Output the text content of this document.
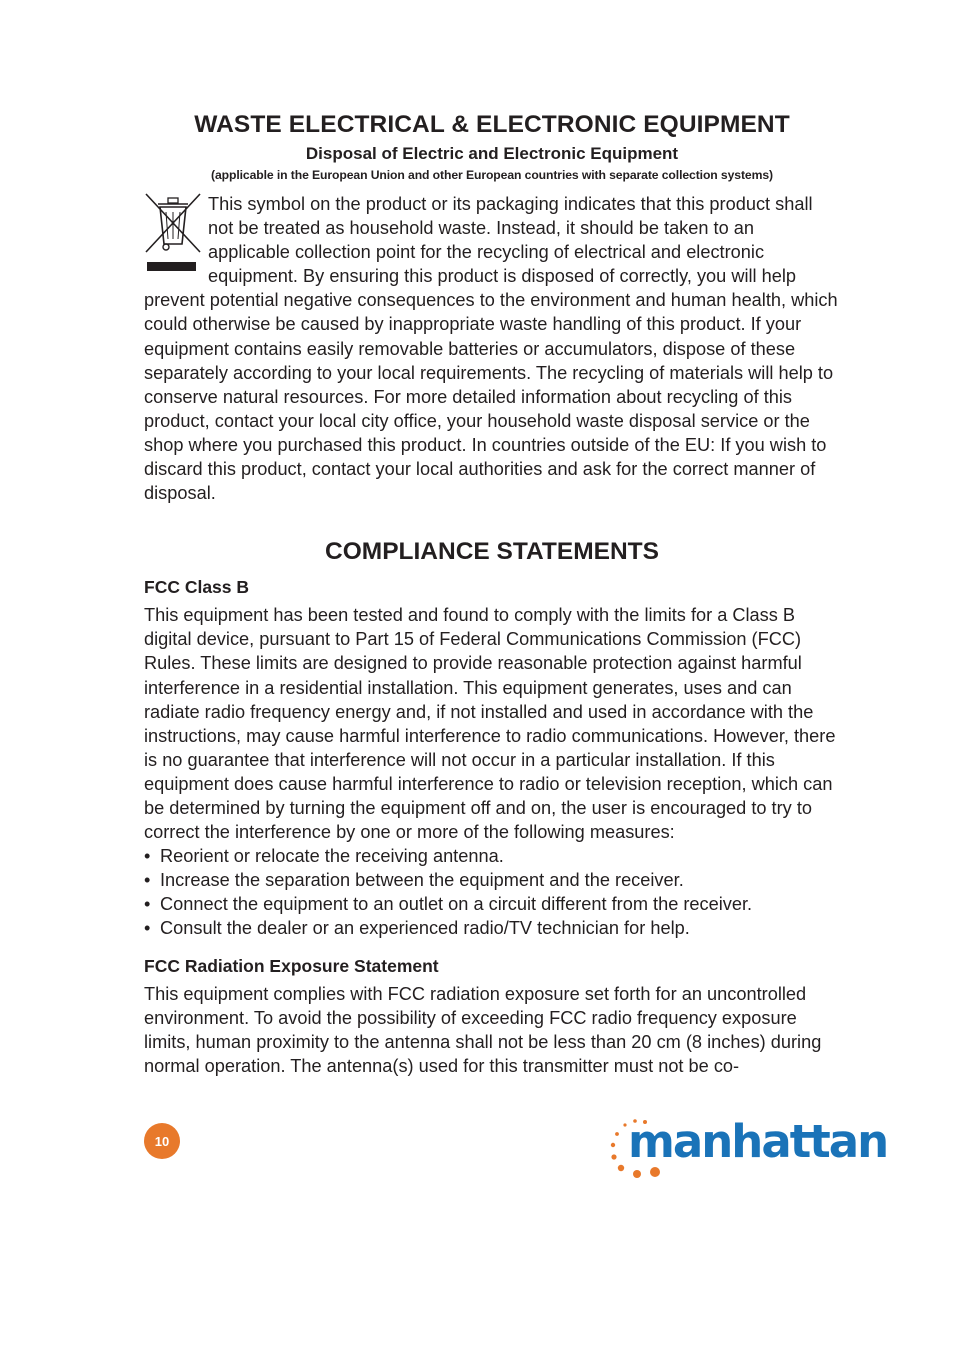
WASTE ELECTRICAL & ELECTRONIC EQUIPMENT
Disposal of Electric and Electronic Equipment
(applicable in the European Union and other European countries with separate collection systems)

This symbol on the product or its packaging indicates that this product shall not be treated as household waste. Instead, it should be taken to an applicable collection point for the recycling of electrical and electronic equipment. By ensuring this product is disposed of correctly, you will help prevent potential negative consequences to the environment and human health, which could otherwise be caused by inappropriate waste handling of this product. If your equipment contains easily removable batteries or accumulators, dispose of these separately according to your local requirements. The recycling of materials will help to conserve natural resources. For more detailed information about recycling of this product, contact your local city office, your household waste disposal service or the shop where you purchased this product. In countries outside of the EU: If you wish to discard this product, contact your local authorities and ask for the correct manner of disposal.

COMPLIANCE STATEMENTS
FCC Class B

This equipment has been tested and found to comply with the limits for a Class B digital device, pursuant to Part 15 of Federal Communications Commission (FCC) Rules. These limits are designed to provide reasonable protection against harmful interference in a residential installation. This equipment generates, uses and can radiate radio frequency energy and, if not installed and used in accordance with the instructions, may cause harmful interference to radio communications. However, there is no guarantee that interference will not occur in a particular installation. If this equipment does cause harmful interference to radio or television reception, which can be determined by turning the equipment off and on, the user is encouraged to try to correct the interference by one or more of the following measures:

• Reorient or relocate the receiving antenna.
• Increase the separation between the equipment and the receiver.
• Connect the equipment to an outlet on a circuit different from the receiver.
• Consult the dealer or an experienced radio/TV technician for help.
FCC Radiation Exposure Statement

This equipment complies with FCC radiation exposure set forth for an uncontrolled environment. To avoid the possibility of exceeding FCC radio frequency exposure limits, human proximity to the antenna shall not be less than 20 cm (8 inches) during normal operation. The antenna(s) used for this transmitter must not be co-

10	manhattan
